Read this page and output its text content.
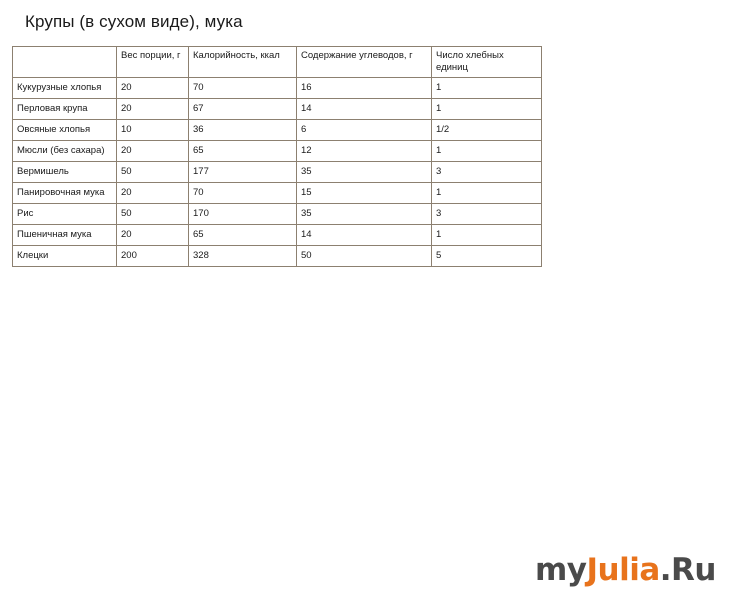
Крупы (в сухом виде), мука
	Вес порции, г	Калорийность, ккал	Содержание углеводов, г	Число хлебных единиц
Кукурузные хлопья	20	70	16	1
Перловая крупа	20	67	14	1
Овсяные хлопья	10	36	6	1/2
Мюсли (без сахара)	20	65	12	1
Вермишель	50	177	35	3
Панировочная мука	20	70	15	1
Рис	50	170	35	3
Пшеничная мука	20	65	14	1
Клецки	200	328	50	5
myJulia.Ru
